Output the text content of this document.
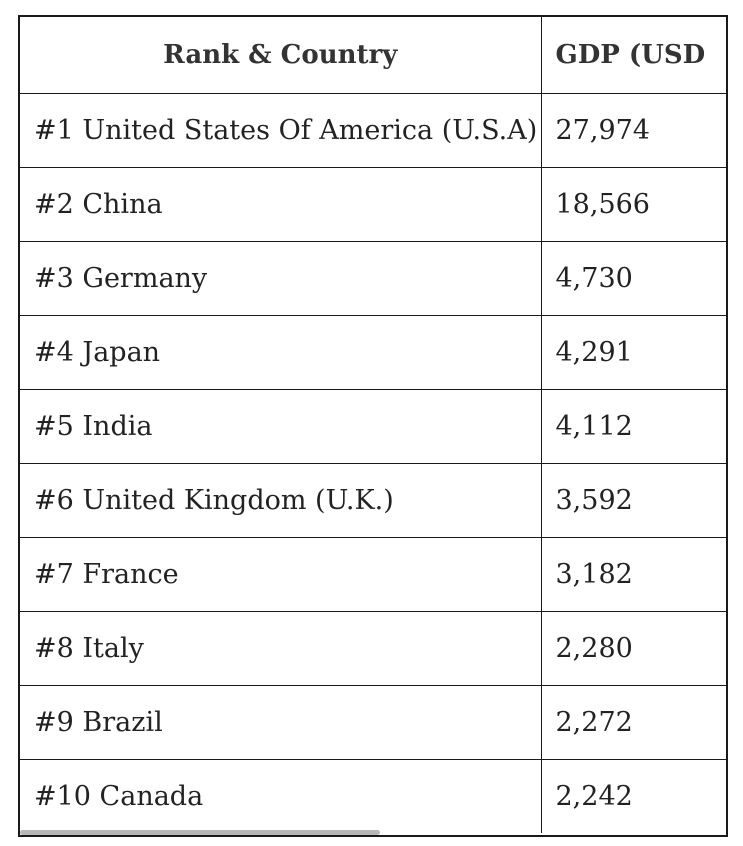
Rank & Country	GDP (USD
#1 United States Of America (U.S.A)	27,974
#2 China	18,566
#3 Germany	4,730
#4 Japan	4,291
#5 India	4,112
#6 United Kingdom (U.K.)	3,592
#7 France	3,182
#8 Italy	2,280
#9 Brazil	2,272
#10 Canada	2,242
